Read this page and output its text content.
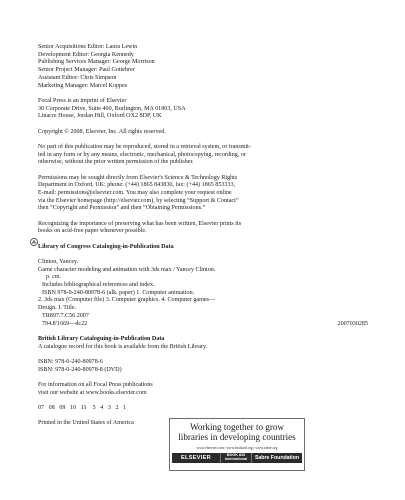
Senior Acquisitions Editor: Laura Lewin
Development Editor: Georgia Kennedy
Publishing Services Manager: George Morrison
Senior Project Manager: Paul Gottehrer
Assistant Editor: Chris Simpson
Marketing Manager: Marcel Koppes
Focal Press is an imprint of Elsevier
30 Corporate Drive, Suite 400, Burlington, MA 01803, USA
Linacre House, Jordan Hill, Oxford OX2 8DP, UK
Copyright © 2008, Elsevier, Inc. All rights reserved.
No part of this publication may be reproduced, stored in a retrieval system, or transmit-
ted in any form or by any means, electronic, mechanical, photocopying, recording, or
otherwise, without the prior written permission of the publisher.
Permissions may be sought directly from Elsevier's Science & Technology Rights
Department in Oxford, UK: phone: (+44) 1865 843830, fax: (+44) 1865 853333,
E-mail: permissions@elsevier.com. You may also complete your request online
via the Elsevier homepage (http://elsevier.com), by selecting “Support & Contact”
then “Copyright and Permission” and then “Obtaining Permissions.”
Recognizing the importance of preserving what has been written, Elsevier prints its
books on acid-free paper whenever possible.
Library of Congress Cataloging-in-Publication Data
Clinton, Yancey.
Game character modeling and animation with 3ds max / Yancey Clinton.
p. cm.
Includes bibliographical references and index.
ISBN 978-0-240-80978-6 (alk. paper) 1. Computer animation.
2. 3ds max (Computer file) 3. Computer graphics. 4. Computer games—
Design. I. Title.
TR897.7.C56 2007
794.8′1669—dc22	2007030285
British Library Cataloguing-in-Publication Data
A catalogue record for this book is available from the British Library.
ISBN: 978-0-240-80978-6
ISBN: 978-0-240-80978-8 (DVD)
For information on all Focal Press publications
visit our website at www.books.elsevier.com
07   08   09   10   11    5   4   3   2   1
Printed in the United States of America	Working together to grow
libraries in developing countries
www.elsevier.com | www.bookaid.org | www.sabre.org
ELSEVIER	BOOK AID
International	Sabre Foundation
